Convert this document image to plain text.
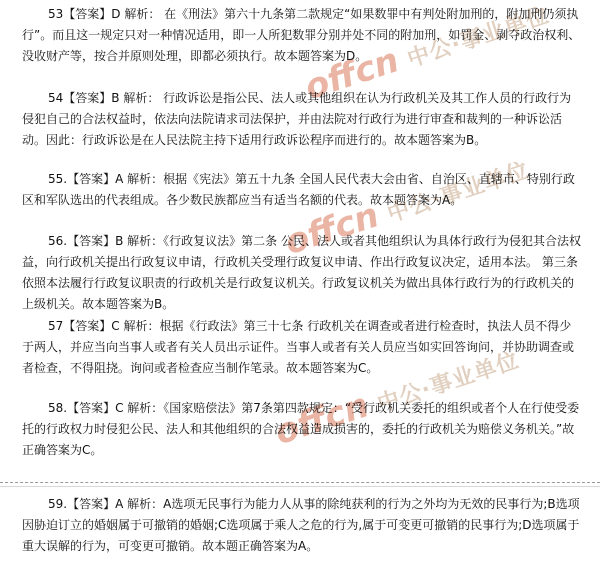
offcn中公·事业单位
offcn中公·事业单位
offcn中公·事业单位

53【答案】D 解析： 在《刑法》第六十九条第二款规定“如果数罪中有判处附加刑的，附加刑仍须执行”。而且这一规定只对一种情况适用，即一人所犯数罪分别并处不同的附加刑，如罚金、剥夺政治权利、没收财产等，按合并原则处理，即都必须执行。故本题答案为D。

54【答案】B 解析： 行政诉讼是指公民、法人或其他组织在认为行政机关及其工作人员的行政行为侵犯自己的合法权益时，依法向法院请求司法保护，并由法院对行政行为进行审查和裁判的一种诉讼活动。因此：行政诉讼是在人民法院主持下适用行政诉讼程序而进行的。故本题答案为B。

55.【答案】A 解析：根据《宪法》第五十九条 全国人民代表大会由省、自治区、直辖市、特别行政区和军队选出的代表组成。各少数民族都应当有适当名额的代表。故本题答案为A。

56.【答案】B 解析：《行政复议法》第二条 公民、法人或者其他组织认为具体行政行为侵犯其合法权益，向行政机关提出行政复议申请，行政机关受理行政复议申请、作出行政复议决定，适用本法。 第三条 依照本法履行行政复议职责的行政机关是行政复议机关。行政复议机关为做出具体行政行为的行政机关的上级机关。故本题答案为B。

57【答案】C 解析：根据《行政法》第三十七条 行政机关在调查或者进行检查时，执法人员不得少于两人，并应当向当事人或者有关人员出示证件。当事人或者有关人员应当如实回答询问，并协助调查或者检查，不得阻挠。询问或者检查应当制作笔录。故本题答案为C。

58.【答案】C 解析：《国家赔偿法》第7条第四款规定：“受行政机关委托的组织或者个人在行使受委托的行政权力时侵犯公民、法人和其他组织的合法权益造成损害的，委托的行政机关为赔偿义务机关。”故正确答案为C。

59.【答案】A 解析：A选项无民事行为能力人从事的除纯获利的行为之外均为无效的民事行为;B选项因胁迫订立的婚姻属于可撤销的婚姻;C选项属于乘人之危的行为,属于可变更可撤销的民事行为;D选项属于重大误解的行为，可变更可撤销。故本题正确答案为A。
